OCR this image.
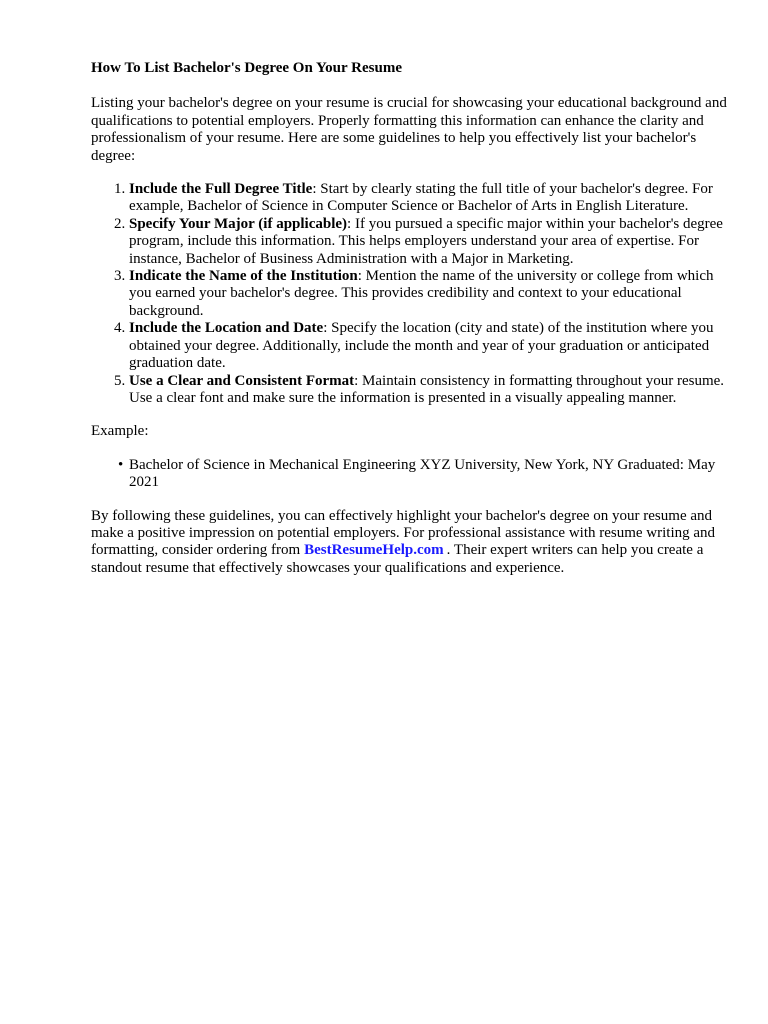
How To List Bachelor's Degree On Your Resume

Listing your bachelor's degree on your resume is crucial for showcasing your educational background and qualifications to potential employers. Properly formatting this information can enhance the clarity and professionalism of your resume. Here are some guidelines to help you effectively list your bachelor's degree:

1. Include the Full Degree Title: Start by clearly stating the full title of your bachelor's degree. For example, Bachelor of Science in Computer Science or Bachelor of Arts in English Literature.
2. Specify Your Major (if applicable): If you pursued a specific major within your bachelor's degree program, include this information. This helps employers understand your area of expertise. For instance, Bachelor of Business Administration with a Major in Marketing.
3. Indicate the Name of the Institution: Mention the name of the university or college from which you earned your bachelor's degree. This provides credibility and context to your educational background.
4. Include the Location and Date: Specify the location (city and state) of the institution where you obtained your degree. Additionally, include the month and year of your graduation or anticipated graduation date.
5. Use a Clear and Consistent Format: Maintain consistency in formatting throughout your resume. Use a clear font and make sure the information is presented in a visually appealing manner.

Example:

• Bachelor of Science in Mechanical Engineering XYZ University, New York, NY Graduated: May 2021

By following these guidelines, you can effectively highlight your bachelor's degree on your resume and make a positive impression on potential employers. For professional assistance with resume writing and formatting, consider ordering from BestResumeHelp.com . Their expert writers can help you create a standout resume that effectively showcases your qualifications and experience.
